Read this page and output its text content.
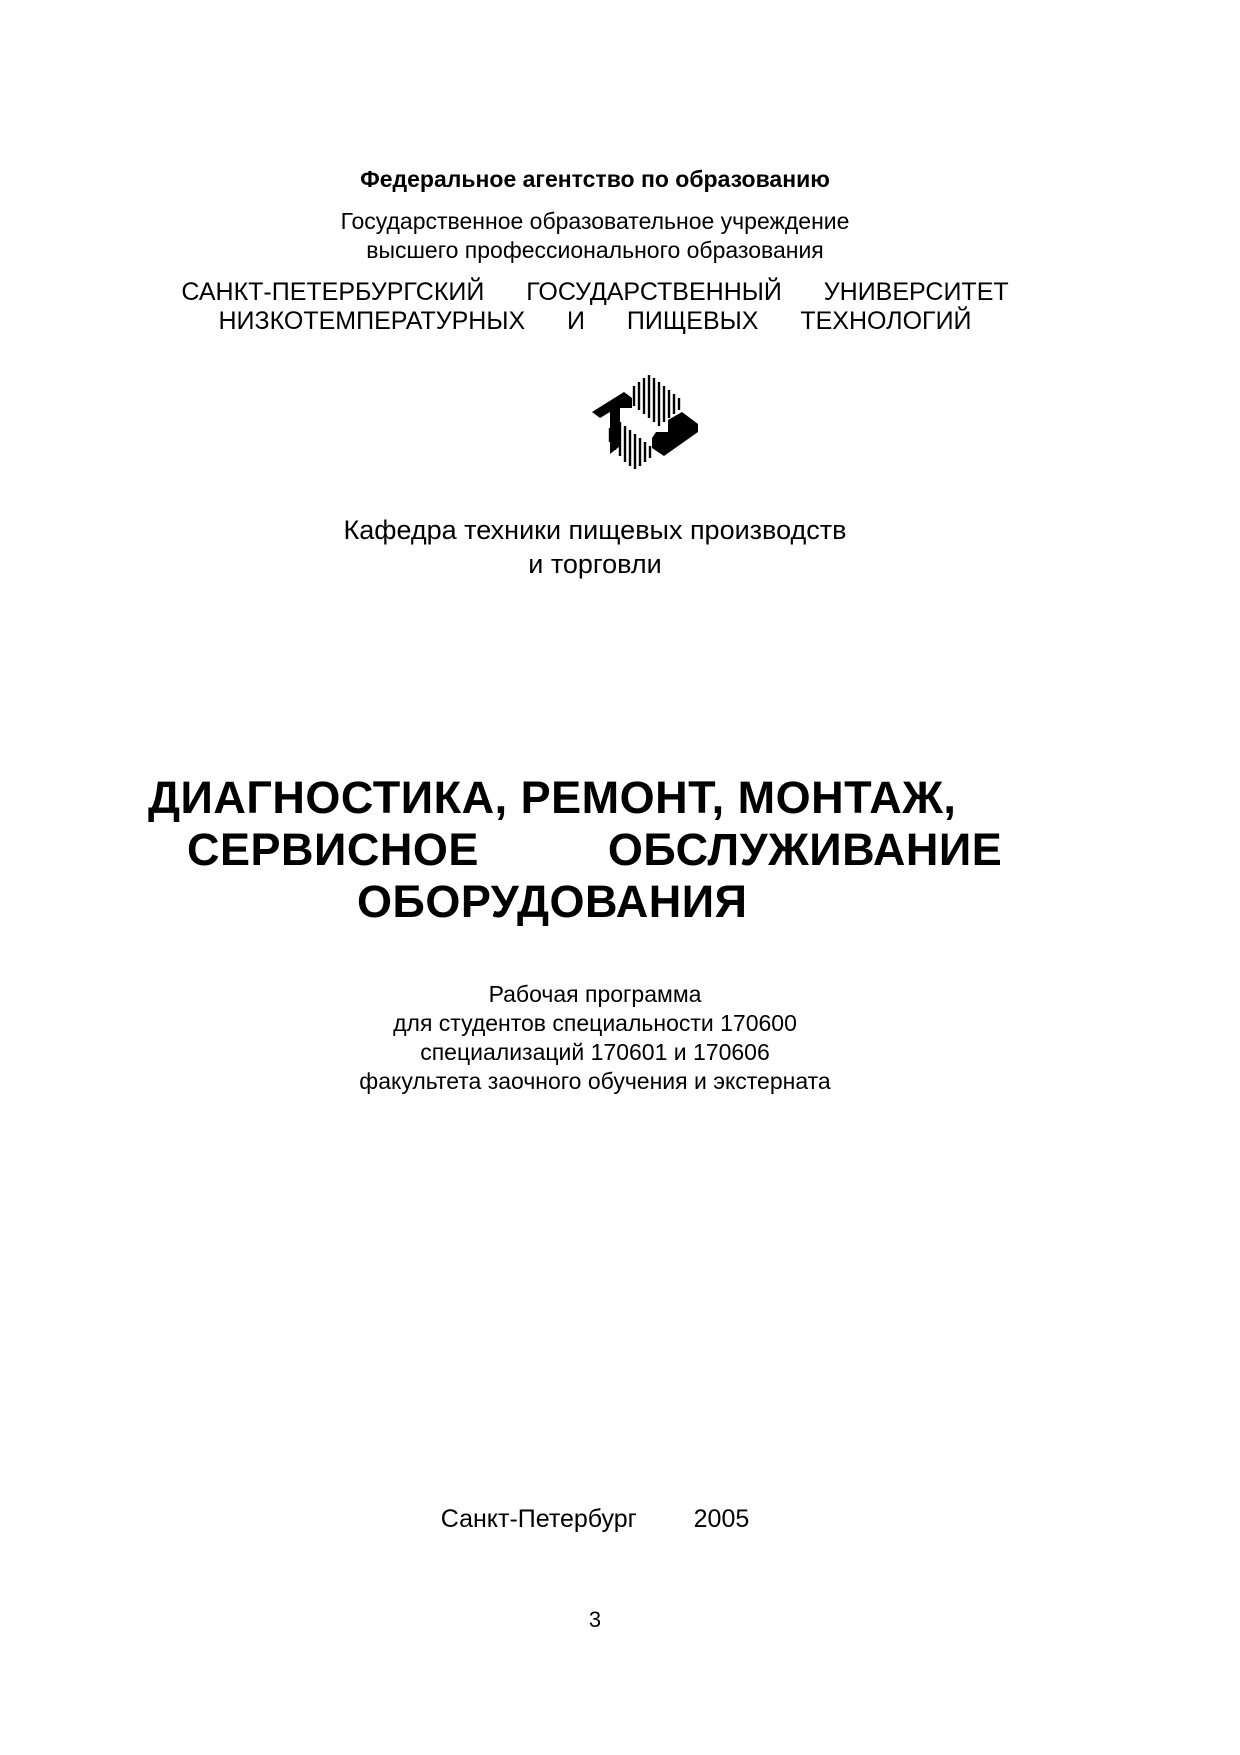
Федеральное агентство по образованию
Государственное образовательное учреждение
высшего профессионального образования
САНКТ-ПЕТЕРБУРГСКИЙ  ГОСУДАРСТВЕННЫЙ  УНИВЕРСИТЕТ
НИЗКОТЕМПЕРАТУРНЫХ  И  ПИЩЕВЫХ  ТЕХНОЛОГИЙ
Кафедра техники пищевых производств
и торговли
ДИАГНОСТИКА, РЕМОНТ, МОНТАЖ,
СЕРВИСНОЕ   ОБСЛУЖИВАНИЕ
ОБОРУДОВАНИЯ
Рабочая программа
для студентов специальности 170600
специализаций 170601 и 170606
факультета заочного обучения и экстерната
Санкт-Петербург   2005
3
